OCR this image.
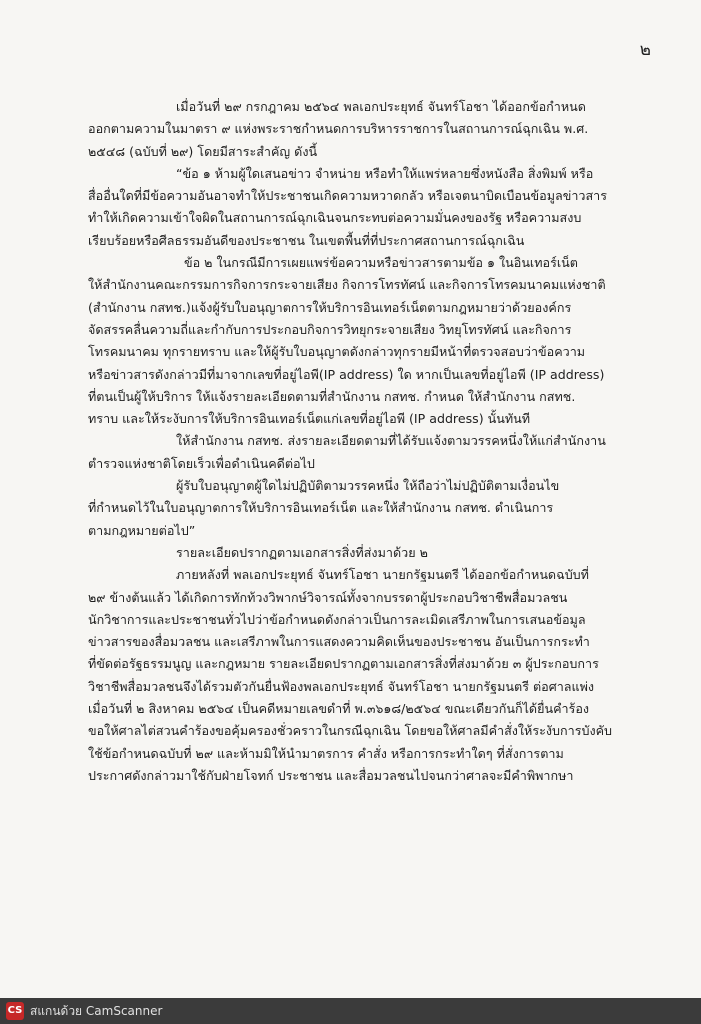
๒
เมื่อวันที่ ๒๙ กรกฎาคม ๒๕๖๔ พลเอกประยุทธ์ จันทร์โอชา ได้ออกข้อกำหนด
ออกตามความในมาตรา ๙ แห่งพระราชกำหนดการบริหารราชการในสถานการณ์ฉุกเฉิน พ.ศ.
๒๕๔๘ (ฉบับที่ ๒๙) โดยมีสาระสำคัญ ดังนี้
“ข้อ ๑ ห้ามผู้ใดเสนอข่าว จำหน่าย หรือทำให้แพร่หลายซึ่งหนังสือ สิ่งพิมพ์ หรือ
สื่ออื่นใดที่มีข้อความอันอาจทำให้ประชาชนเกิดความหวาดกลัว หรือเจตนาบิดเบือนข้อมูลข่าวสาร
ทำให้เกิดความเข้าใจผิดในสถานการณ์ฉุกเฉินจนกระทบต่อความมั่นคงของรัฐ หรือความสงบ
เรียบร้อยหรือศีลธรรมอันดีของประชาชน ในเขตพื้นที่ที่ประกาศสถานการณ์ฉุกเฉิน
ข้อ ๒ ในกรณีมีการเผยแพร่ข้อความหรือข่าวสารตามข้อ ๑ ในอินเทอร์เน็ต
ให้สำนักงานคณะกรรมการกิจการกระจายเสียง กิจการโทรทัศน์ และกิจการโทรคมนาคมแห่งชาติ
(สำนักงาน กสทช.)แจ้งผู้รับใบอนุญาตการให้บริการอินเทอร์เน็ตตามกฎหมายว่าด้วยองค์กร
จัดสรรคลื่นความถี่และกำกับการประกอบกิจการวิทยุกระจายเสียง วิทยุโทรทัศน์ และกิจการ
โทรคมนาคม ทุกรายทราบ และให้ผู้รับใบอนุญาตดังกล่าวทุกรายมีหน้าที่ตรวจสอบว่าข้อความ
หรือข่าวสารดังกล่าวมีที่มาจากเลขที่อยู่ไอพี(IP address) ใด หากเป็นเลขที่อยู่ไอพี (IP address)
ที่ตนเป็นผู้ให้บริการ ให้แจ้งรายละเอียดตามที่สำนักงาน กสทช. กำหนด ให้สำนักงาน กสทช.
ทราบ และให้ระงับการให้บริการอินเทอร์เน็ตแก่เลขที่อยู่ไอพี (IP address) นั้นทันที
ให้สำนักงาน กสทช. ส่งรายละเอียดตามที่ได้รับแจ้งตามวรรคหนึ่งให้แก่สำนักงาน
ตำรวจแห่งชาติโดยเร็วเพื่อดำเนินคดีต่อไป
ผู้รับใบอนุญาตผู้ใดไม่ปฏิบัติตามวรรคหนึ่ง ให้ถือว่าไม่ปฏิบัติตามเงื่อนไข
ที่กำหนดไว้ในใบอนุญาตการให้บริการอินเทอร์เน็ต และให้สำนักงาน กสทช. ดำเนินการ
ตามกฎหมายต่อไป”
รายละเอียดปรากฏตามเอกสารสิ่งที่ส่งมาด้วย ๒
ภายหลังที่ พลเอกประยุทธ์ จันทร์โอชา นายกรัฐมนตรี ได้ออกข้อกำหนดฉบับที่
๒๙ ข้างต้นแล้ว ได้เกิดการทักท้วงวิพากษ์วิจารณ์ทั้งจากบรรดาผู้ประกอบวิชาชีพสื่อมวลชน
นักวิชาการและประชาชนทั่วไปว่าข้อกำหนดดังกล่าวเป็นการละเมิดเสรีภาพในการเสนอข้อมูล
ข่าวสารของสื่อมวลชน และเสรีภาพในการแสดงความคิดเห็นของประชาชน อันเป็นการกระทำ
ที่ขัดต่อรัฐธรรมนูญ และกฎหมาย รายละเอียดปรากฏตามเอกสารสิ่งที่ส่งมาด้วย ๓ ผู้ประกอบการ
วิชาชีพสื่อมวลชนจึงได้รวมตัวกันยื่นฟ้องพลเอกประยุทธ์ จันทร์โอชา นายกรัฐมนตรี ต่อศาลแพ่ง
เมื่อวันที่ ๒ สิงหาคม ๒๕๖๔ เป็นคดีหมายเลขดำที่ พ.๓๖๑๘/๒๕๖๔ ขณะเดียวกันก็ได้ยื่นคำร้อง
ขอให้ศาลไต่สวนคำร้องขอคุ้มครองชั่วคราวในกรณีฉุกเฉิน โดยขอให้ศาลมีคำสั่งให้ระงับการบังคับ
ใช้ข้อกำหนดฉบับที่ ๒๙ และห้ามมิให้นำมาตรการ คำสั่ง หรือการกระทำใดๆ ที่สั่งการตาม
ประกาศดังกล่าวมาใช้กับฝ่ายโจทก์ ประชาชน และสื่อมวลชนไปจนกว่าศาลจะมีคำพิพากษา
CS สแกนด้วย CamScanner
